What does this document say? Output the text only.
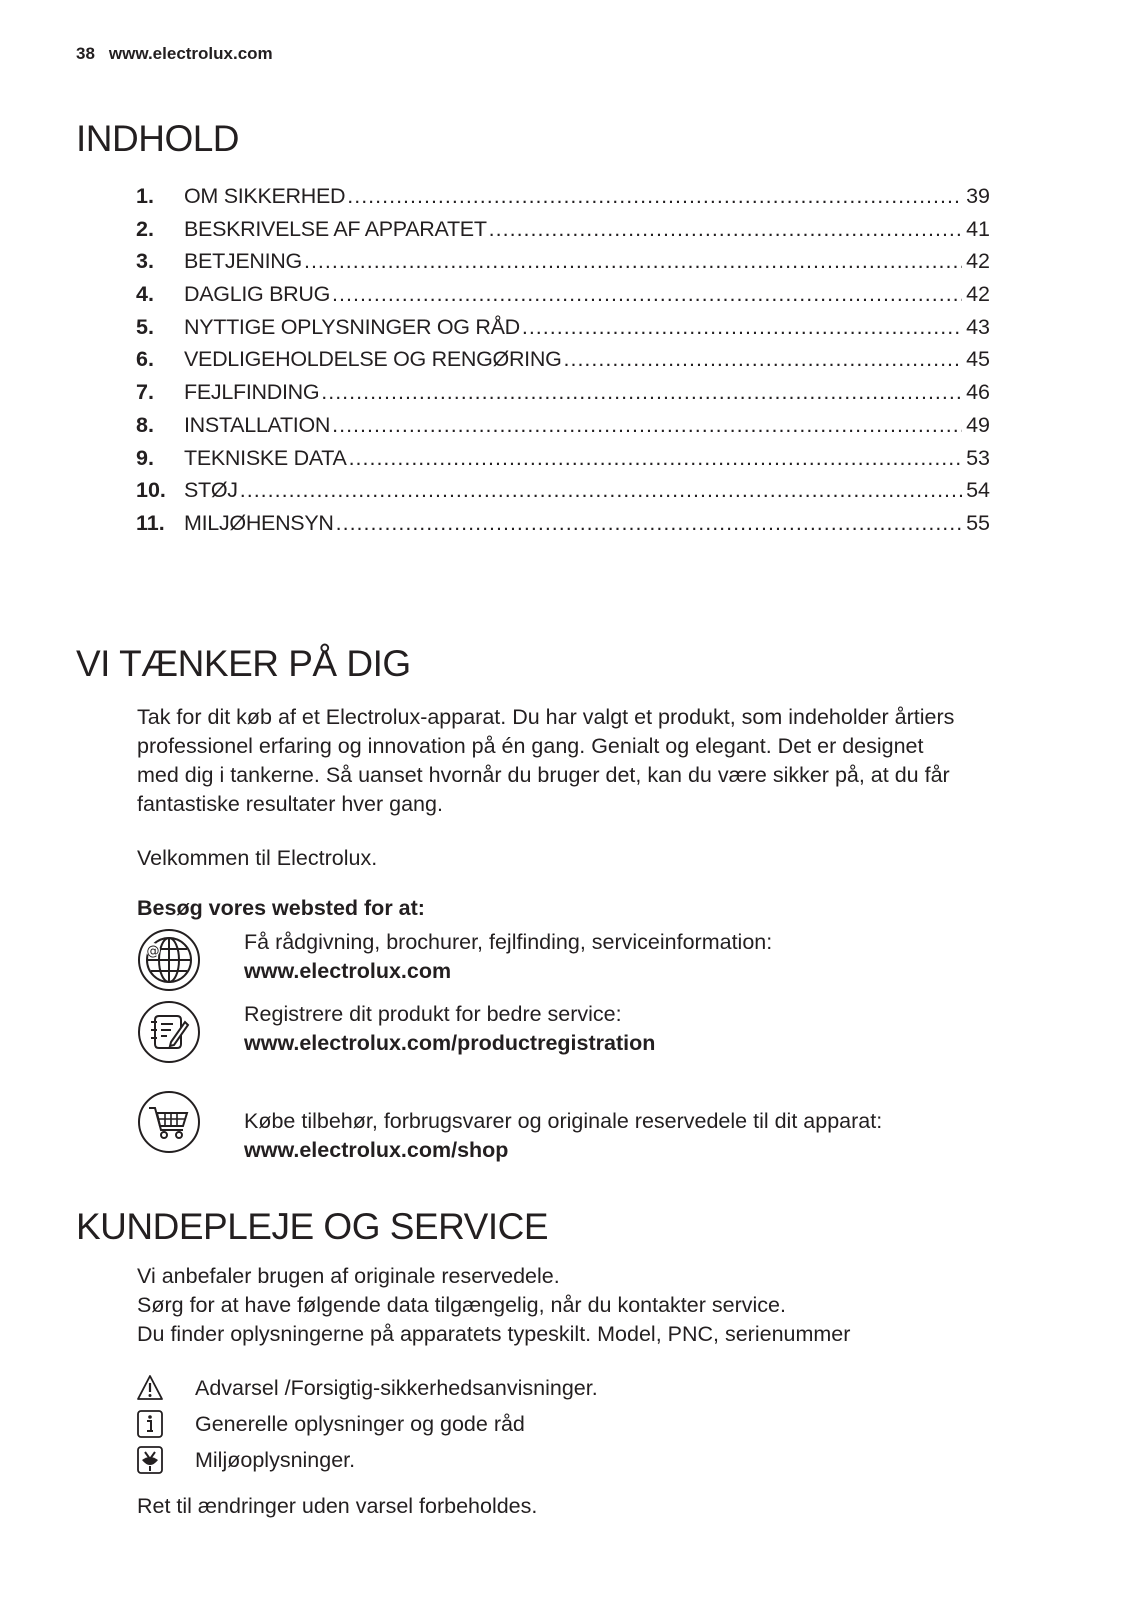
38 www.electrolux.com
INDHOLD
1.	OM SIKKERHED .....	39
2.	BESKRIVELSE AF APPARATET .....	41
3.	BETJENING .....	42
4.	DAGLIG BRUG .....	42
5.	NYTTIGE OPLYSNINGER OG RÅD .....	43
6.	VEDLIGEHOLDELSE OG RENGØRING .....	45
7.	FEJLFINDING .....	46
8.	INSTALLATION .....	49
9.	TEKNISKE DATA .....	53
10. STØJ .....	54
11. MILJØHENSYN .....	55
VI TÆNKER PÅ DIG

Tak for dit køb af et Electrolux-apparat. Du har valgt et produkt, som indeholder årtiers
professionel erfaring og innovation på én gang. Genialt og elegant. Det er designet
med dig i tankerne. Så uanset hvornår du bruger det, kan du være sikker på, at du får
fantastiske resultater hver gang.

Velkommen til Electrolux.

Besøg vores websted for at:

@	Få rådgivning, brochurer, fejlfinding, serviceinformation:
www.electrolux.com
Registrere dit produkt for bedre service:
www.electrolux.com/productregistration
Købe tilbehør, forbrugsvarer og originale reservedele til dit apparat:
www.electrolux.com/shop
KUNDEPLEJE OG SERVICE

Vi anbefaler brugen af originale reservedele.
Sørg for at have følgende data tilgængelig, når du kontakter service.
Du finder oplysningerne på apparatets typeskilt. Model, PNC, serienummer

Advarsel /Forsigtig-sikkerhedsanvisninger.
Generelle oplysninger og gode råd
Miljøoplysninger.

Ret til ændringer uden varsel forbeholdes.
